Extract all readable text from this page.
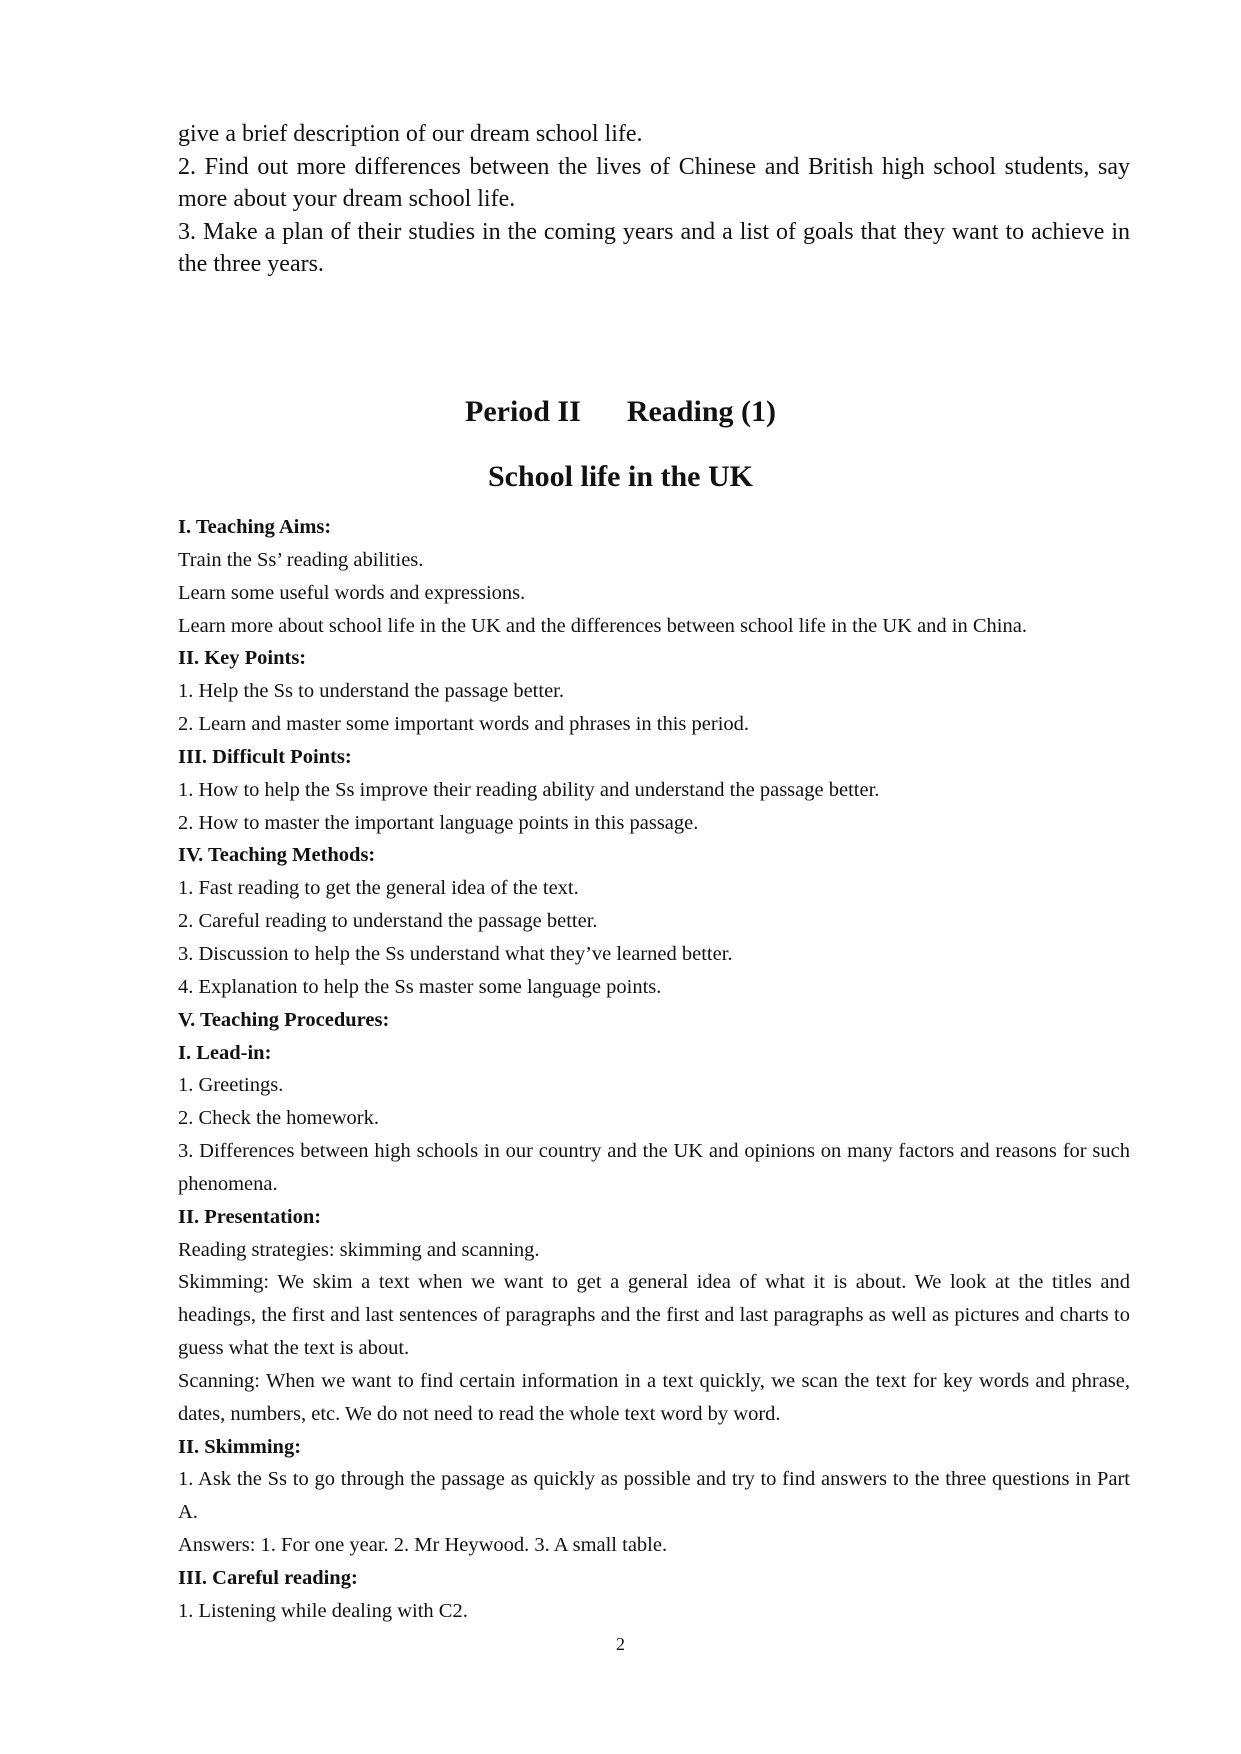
give a brief description of our dream school life.

2. Find out more differences between the lives of Chinese and British high school students, say more about your dream school life.

3. Make a plan of their studies in the coming years and a list of goals that they want to achieve in the three years.

Period II Reading (1)
School life in the UK

I. Teaching Aims:

Train the Ss’ reading abilities.

Learn some useful words and expressions.

Learn more about school life in the UK and the differences between school life in the UK and in China.

II. Key Points:

1. Help the Ss to understand the passage better.

2. Learn and master some important words and phrases in this period.

III. Difficult Points:

1. How to help the Ss improve their reading ability and understand the passage better.

2. How to master the important language points in this passage.

IV. Teaching Methods:

1. Fast reading to get the general idea of the text.

2. Careful reading to understand the passage better.

3. Discussion to help the Ss understand what they’ve learned better.

4. Explanation to help the Ss master some language points.

V. Teaching Procedures:

I. Lead-in:

1. Greetings.

2. Check the homework.

3. Differences between high schools in our country and the UK and opinions on many factors and reasons for such phenomena.

II. Presentation:

Reading strategies: skimming and scanning.

Skimming: We skim a text when we want to get a general idea of what it is about. We look at the titles and headings, the first and last sentences of paragraphs and the first and last paragraphs as well as pictures and charts to guess what the text is about.

Scanning: When we want to find certain information in a text quickly, we scan the text for key words and phrase, dates, numbers, etc. We do not need to read the whole text word by word.

II. Skimming:

1. Ask the Ss to go through the passage as quickly as possible and try to find answers to the three questions in Part A.

Answers: 1. For one year. 2. Mr Heywood. 3. A small table.

III. Careful reading:

1. Listening while dealing with C2.

2
